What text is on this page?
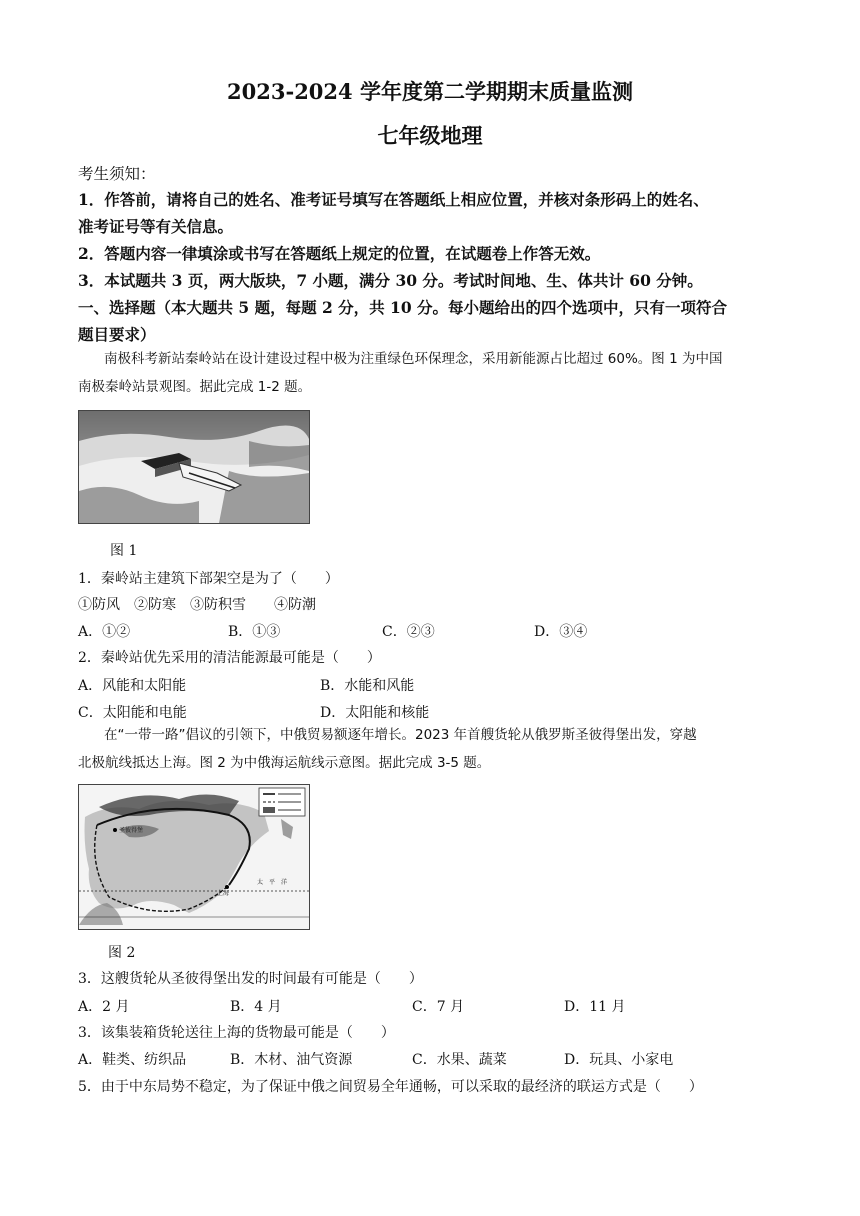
2023-2024 学年度第二学期期末质量监测
七年级地理
考生须知：
1．作答前，请将自己的姓名、准考证号填写在答题纸上相应位置，并核对条形码上的姓名、
准考证号等有关信息。
2．答题内容一律填涂或书写在答题纸上规定的位置，在试题卷上作答无效。
3．本试题共 3 页，两大版块，7 小题，满分 30 分。考试时间地、生、体共计 60 分钟。
一、选择题（本大题共 5 题，每题 2 分，共 10 分。每小题给出的四个选项中，只有一项符合
题目要求）
南极科考新站秦岭站在设计建设过程中极为注重绿色环保理念，采用新能源占比超过 60%。图 1 为中国
南极秦岭站景观图。据此完成 1-2 题。
图 1
1．秦岭站主建筑下部架空是为了（　　）
①防风　②防寒　③防积雪　　④防潮
A．①②	B．①③	C．②③	D．③④
2．秦岭站优先采用的清洁能源最可能是（　　）
A．风能和太阳能	B．水能和风能
C．太阳能和电能	D．太阳能和核能
在“一带一路”倡议的引领下，中俄贸易额逐年增长。2023 年首艘货轮从俄罗斯圣彼得堡出发，穿越
北极航线抵达上海。图 2 为中俄海运航线示意图。据此完成 3-5 题。
圣彼得堡
上海
太　平　洋
图 2
3．这艘货轮从圣彼得堡出发的时间最有可能是（　　）
A．2 月	B．4 月	C．7 月	D．11 月
3．该集装箱货轮送往上海的货物最可能是（　　）
A．鞋类、纺织品	B．木材、油气资源	C．水果、蔬菜	D．玩具、小家电
5．由于中东局势不稳定，为了保证中俄之间贸易全年通畅，可以采取的最经济的联运方式是（　　）
